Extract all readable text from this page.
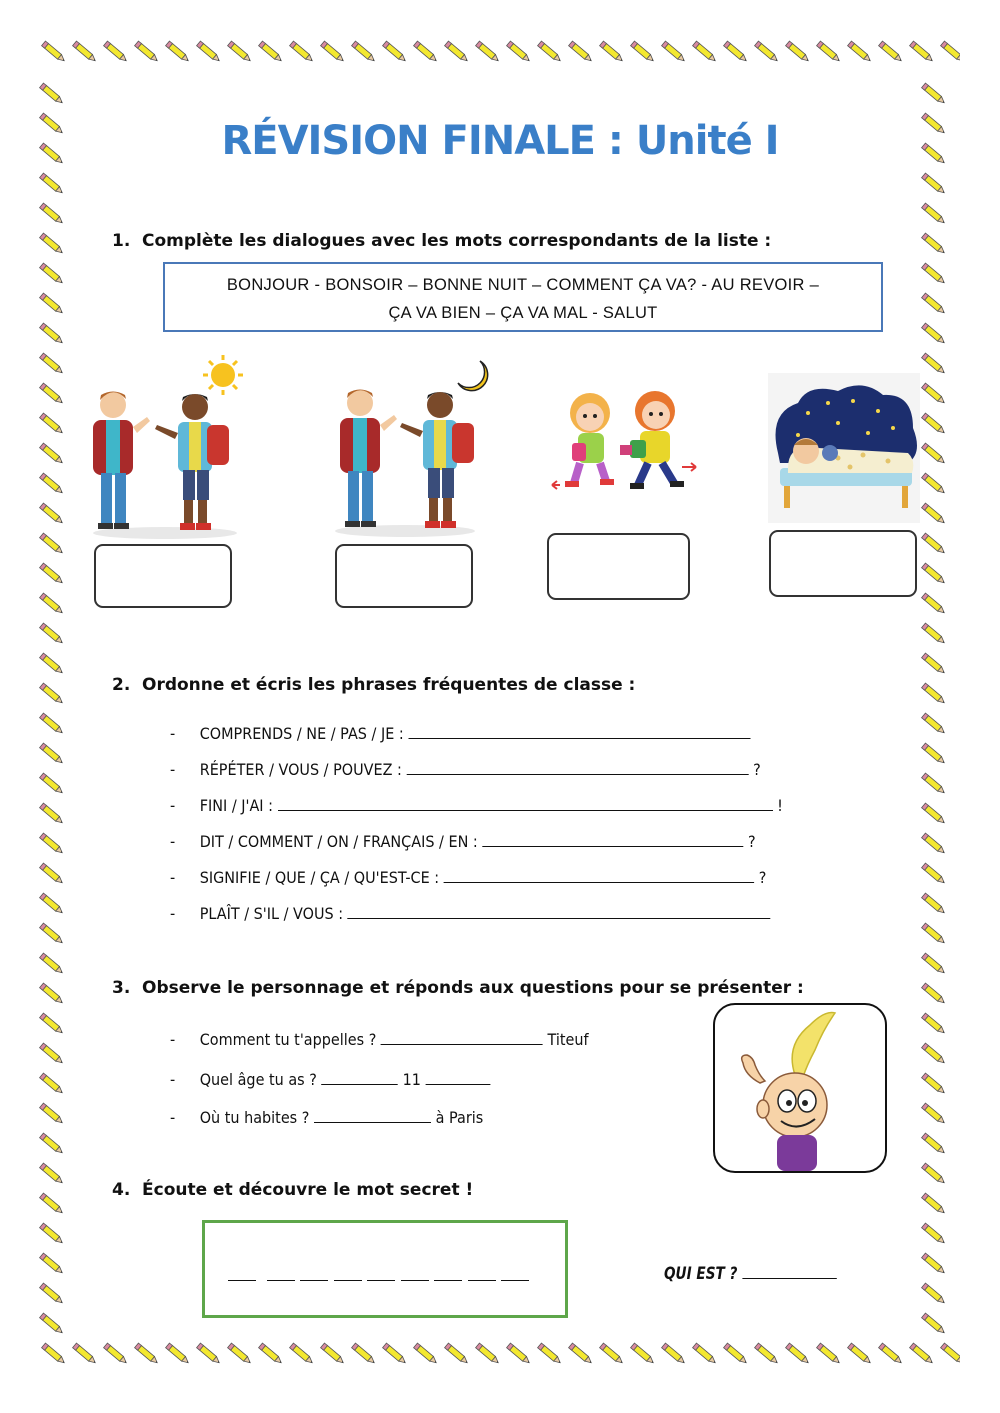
RÉVISION FINALE : Unité I
1. Complète les dialogues avec les mots correspondants de la liste :
BONJOUR - BONSOIR – BONNE NUIT – COMMENT ÇA VA? - AU REVOIR –
ÇA VA BIEN – ÇA VA MAL - SALUT
2. Ordonne et écris les phrases fréquentes de classe :
- COMPRENDS / NE / PAS / JE :
- RÉPÉTER / VOUS / POUVEZ :	?
- FINI / J'AI :	!
- DIT / COMMENT / ON / FRANÇAIS / EN :	?
- SIGNIFIE / QUE / ÇA / QU'EST-CE :	?
- PLAÎT / S'IL / VOUS :
3. Observe le personnage et réponds aux questions pour se présenter :
- Comment tu t'appelles ?	Titeuf
- Quel âge tu as ?	11
- Où tu habites ?	à Paris
4. Écoute et découvre le mot secret !

QUI EST ?
